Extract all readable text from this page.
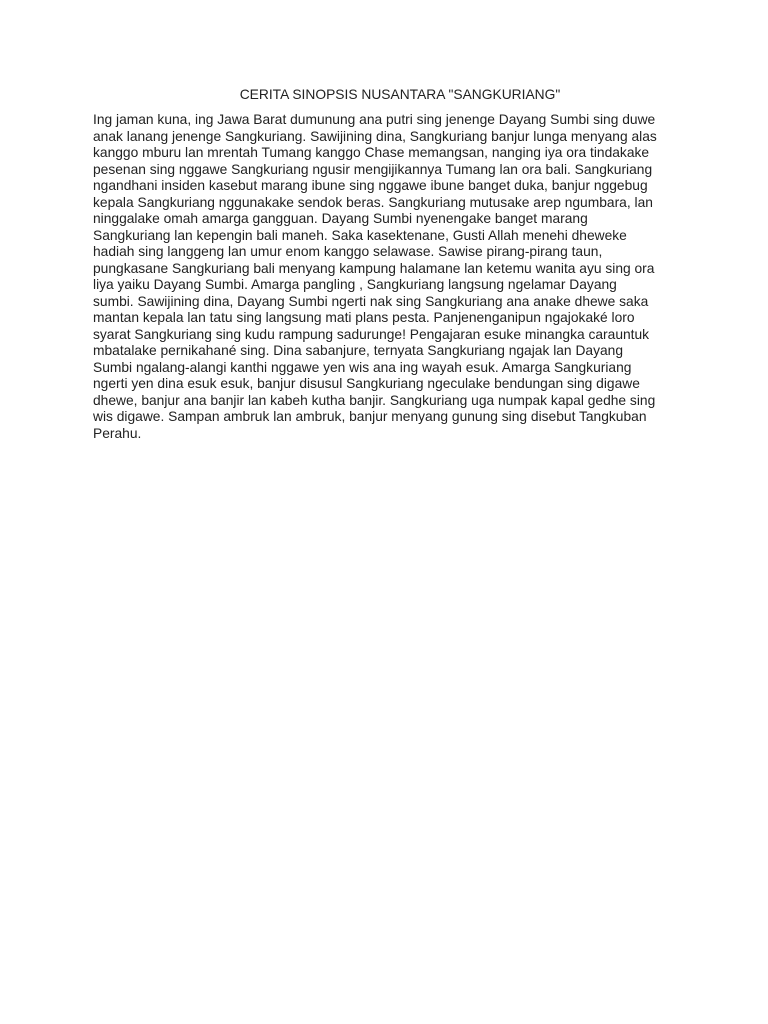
CERITA SINOPSIS NUSANTARA "SANGKURIANG"
Ing jaman kuna, ing Jawa Barat dumunung ana putri sing jenenge Dayang Sumbi sing duwe
anak lanang jenenge Sangkuriang. Sawijining dina, Sangkuriang banjur lunga menyang alas
kanggo mburu lan mrentah Tumang kanggo Chase memangsan, nanging iya ora tindakake
pesenan sing nggawe Sangkuriang ngusir mengijikannya Tumang lan ora bali. Sangkuriang
ngandhani insiden kasebut marang ibune sing nggawe ibune banget duka, banjur nggebug
kepala Sangkuriang nggunakake sendok beras. Sangkuriang mutusake arep ngumbara, lan
ninggalake omah amarga gangguan. Dayang Sumbi nyenengake banget marang
Sangkuriang lan kepengin bali maneh. Saka kasektenane, Gusti Allah menehi dheweke
hadiah sing langgeng lan umur enom kanggo selawase. Sawise pirang-pirang taun,
pungkasane Sangkuriang bali menyang kampung halamane lan ketemu wanita ayu sing ora
liya yaiku Dayang Sumbi. Amarga pangling , Sangkuriang langsung ngelamar Dayang
sumbi. Sawijining dina, Dayang Sumbi ngerti nak sing Sangkuriang ana anake dhewe saka
mantan kepala lan tatu sing langsung mati plans pesta. Panjenenganipun ngajokaké loro
syarat Sangkuriang sing kudu rampung sadurunge! Pengajaran esuke minangka carauntuk
mbatalake pernikahané sing. Dina sabanjure, ternyata Sangkuriang ngajak lan Dayang
Sumbi ngalang-alangi kanthi nggawe yen wis ana ing wayah esuk. Amarga Sangkuriang
ngerti yen dina esuk esuk, banjur disusul Sangkuriang ngeculake bendungan sing digawe
dhewe, banjur ana banjir lan kabeh kutha banjir. Sangkuriang uga numpak kapal gedhe sing
wis digawe. Sampan ambruk lan ambruk, banjur menyang gunung sing disebut Tangkuban
Perahu.
